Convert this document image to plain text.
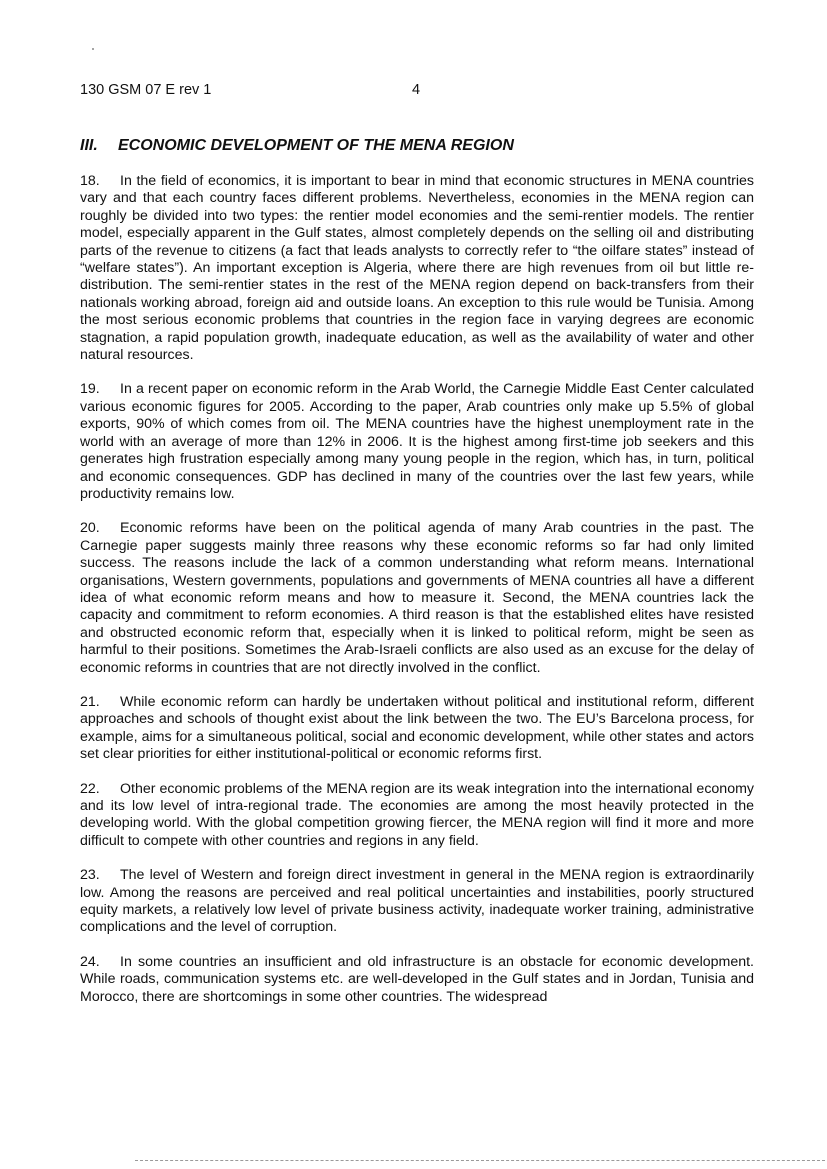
130 GSM 07 E rev 1	4
III. ECONOMIC DEVELOPMENT OF THE MENA REGION

18. In the field of economics, it is important to bear in mind that economic structures in MENA countries vary and that each country faces different problems. Nevertheless, economies in the MENA region can roughly be divided into two types: the rentier model economies and the semi-rentier models. The rentier model, especially apparent in the Gulf states, almost completely depends on the selling oil and distributing parts of the revenue to citizens (a fact that leads analysts to correctly refer to “the oilfare states” instead of “welfare states”). An important exception is Algeria, where there are high revenues from oil but little re-distribution. The semi-rentier states in the rest of the MENA region depend on back-transfers from their nationals working abroad, foreign aid and outside loans. An exception to this rule would be Tunisia. Among the most serious economic problems that countries in the region face in varying degrees are economic stagnation, a rapid population growth, inadequate education, as well as the availability of water and other natural resources.

19. In a recent paper on economic reform in the Arab World, the Carnegie Middle East Center calculated various economic figures for 2005. According to the paper, Arab countries only make up 5.5% of global exports, 90% of which comes from oil. The MENA countries have the highest unemployment rate in the world with an average of more than 12% in 2006. It is the highest among first-time job seekers and this generates high frustration especially among many young people in the region, which has, in turn, political and economic consequences. GDP has declined in many of the countries over the last few years, while productivity remains low.

20. Economic reforms have been on the political agenda of many Arab countries in the past. The Carnegie paper suggests mainly three reasons why these economic reforms so far had only limited success. The reasons include the lack of a common understanding what reform means. International organisations, Western governments, populations and governments of MENA countries all have a different idea of what economic reform means and how to measure it. Second, the MENA countries lack the capacity and commitment to reform economies. A third reason is that the established elites have resisted and obstructed economic reform that, especially when it is linked to political reform, might be seen as harmful to their positions. Sometimes the Arab-Israeli conflicts are also used as an excuse for the delay of economic reforms in countries that are not directly involved in the conflict.

21. While economic reform can hardly be undertaken without political and institutional reform, different approaches and schools of thought exist about the link between the two. The EU’s Barcelona process, for example, aims for a simultaneous political, social and economic development, while other states and actors set clear priorities for either institutional-political or economic reforms first.

22. Other economic problems of the MENA region are its weak integration into the international economy and its low level of intra-regional trade. The economies are among the most heavily protected in the developing world. With the global competition growing fiercer, the MENA region will find it more and more difficult to compete with other countries and regions in any field.

23. The level of Western and foreign direct investment in general in the MENA region is extraordinarily low. Among the reasons are perceived and real political uncertainties and instabilities, poorly structured equity markets, a relatively low level of private business activity, inadequate worker training, administrative complications and the level of corruption.

24. In some countries an insufficient and old infrastructure is an obstacle for economic development. While roads, communication systems etc. are well-developed in the Gulf states and in Jordan, Tunisia and Morocco, there are shortcomings in some other countries. The widespread
